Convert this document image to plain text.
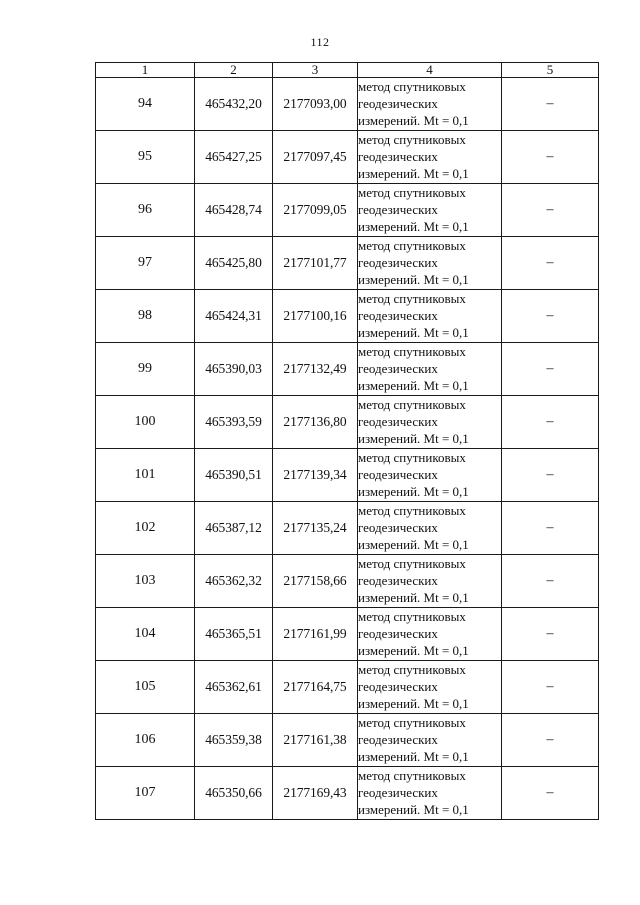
112
1	2	3	4	5
94	465432,20	2177093,00	метод спутниковых
геодезических
измерений. Mt = 0,1	–
95	465427,25	2177097,45	метод спутниковых
геодезических
измерений. Mt = 0,1	–
96	465428,74	2177099,05	метод спутниковых
геодезических
измерений. Mt = 0,1	–
97	465425,80	2177101,77	метод спутниковых
геодезических
измерений. Mt = 0,1	–
98	465424,31	2177100,16	метод спутниковых
геодезических
измерений. Mt = 0,1	–
99	465390,03	2177132,49	метод спутниковых
геодезических
измерений. Mt = 0,1	–
100	465393,59	2177136,80	метод спутниковых
геодезических
измерений. Mt = 0,1	–
101	465390,51	2177139,34	метод спутниковых
геодезических
измерений. Mt = 0,1	–
102	465387,12	2177135,24	метод спутниковых
геодезических
измерений. Mt = 0,1	–
103	465362,32	2177158,66	метод спутниковых
геодезических
измерений. Mt = 0,1	–
104	465365,51	2177161,99	метод спутниковых
геодезических
измерений. Mt = 0,1	–
105	465362,61	2177164,75	метод спутниковых
геодезических
измерений. Mt = 0,1	–
106	465359,38	2177161,38	метод спутниковых
геодезических
измерений. Mt = 0,1	–
107	465350,66	2177169,43	метод спутниковых
геодезических
измерений. Mt = 0,1	–
